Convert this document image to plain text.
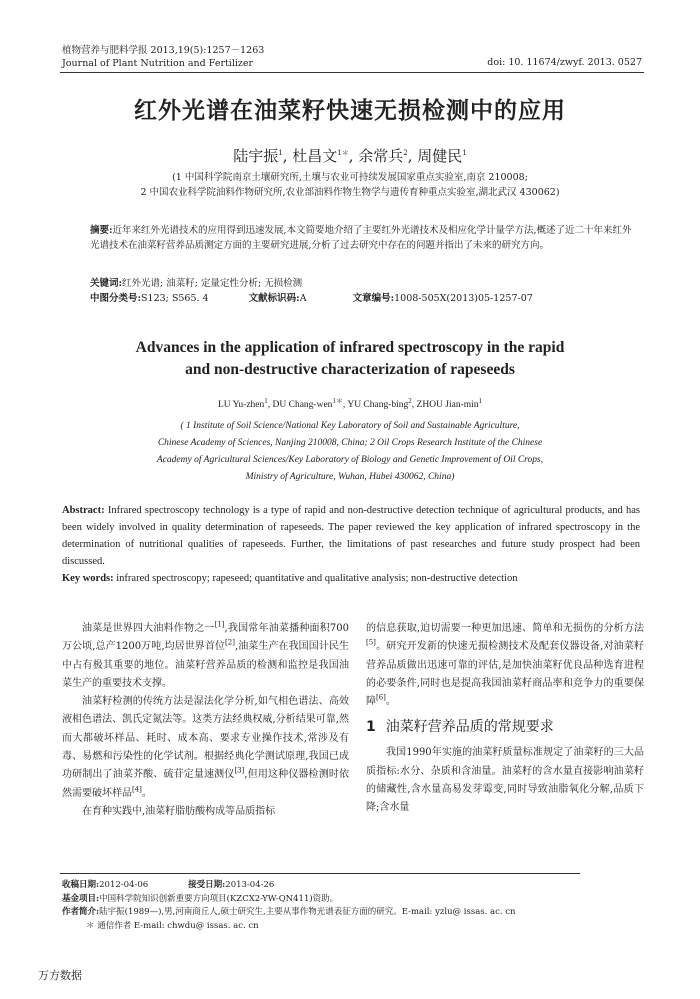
植物营养与肥料学报 2013,19(5):1257－1263
Journal of Plant Nutrition and Fertilizer	doi: 10. 11674/zwyf. 2013. 0527
红外光谱在油菜籽快速无损检测中的应用
陆宇振$^1$, 杜昌文$^{1*}$, 余常兵$^2$, 周健民$^1$
(1 中国科学院南京土壤研究所,土壤与农业可持续发展国家重点实验室,南京 210008;
2 中国农业科学院油料作物研究所,农业部油料作物生物学与遗传育种重点实验室,湖北武汉 430062)
摘要:近年来红外光谱技术的应用得到迅速发展,本文简要地介绍了主要红外光谱技术及相应化学计量学方法,概述了近二十年来红外光谱技术在油菜籽营养品质测定方面的主要研究进展,分析了过去研究中存在的问题并指出了未来的研究方向。
关键词:红外光谱; 油菜籽; 定量定性分析; 无损检测
中图分类号:S123; S565. 4	文献标识码:A	文章编号:1008-505X(2013)05-1257-07
Advances in the application of infrared spectroscopy in the rapid
and non-destructive characterization of rapeseeds
LU Yu-zhen$^1$, DU Chang-wen$^{1*}$, YU Chang-bing$^2$, ZHOU Jian-$\min^1$
( 1 Institute of Soil Science/National Key Laboratory of Soil and Sustainable Agriculture,
Chinese Academy of Sciences, Nanjing 210008, China; 2 Oil Crops Research Institute of the Chinese
Academy of Agricultural Sciences/Key Laboratory of Biology and Genetic Improvement of Oil Crops,
Ministry of Agriculture, Wuhan, Hubei 430062, China)
Abstract: Infrared spectroscopy technology is a type of rapid and non-destructive detection technique of agricultural products, and has been widely involved in quality determination of rapeseeds. The paper reviewed the key application of infrared spectroscopy in the determination of nutritional qualities of rapeseeds. Further, the limitations of past researches and future study prospect had been discussed.
Key words: infrared spectroscopy; rapeseed; quantitative and qualitative analysis; non-destructive detection

油菜是世界四大油料作物之一[1],我国常年油菜播种面积700万公顷,总产1200万吨,均居世界首位[2],油菜生产在我国国计民生中占有极其重要的地位。油菜籽营养品质的检测和监控是我国油菜生产的重要技术支撑。

油菜籽检测的传统方法是湿法化学分析,如气相色谱法、高效液相色谱法、凯氏定氮法等。这类方法经典权威,分析结果可靠,然而大都破坏样品、耗时、成本高、要求专业操作技术,常涉及有毒、易燃和污染性的化学试剂。根据经典化学测试原理,我国已成功研制出了油菜芥酸、硫苷定量速测仪[3],但用这种仪器检测时依然需要破坏样品[4]。

在育种实践中,油菜籽脂肪酸构成等品质指标

的信息获取,迫切需要一种更加迅速、简单和无损伤的分析方法[5]。研究开发新的快速无损检测技术及配套仪器设备,对油菜籽营养品质做出迅速可靠的评估,是加快油菜籽优良品种选育进程的必要条件,同时也是提高我国油菜籽商品率和竞争力的重要保障[6]。

1 油菜籽营养品质的常规要求

我国1990年实施的油菜籽质量标准规定了油菜籽的三大品质指标:水分、杂质和含油量。油菜籽的含水量直接影响油菜籽的储藏性,含水量高易发芽霉变,同时导致油脂氧化分解,品质下降;含水量

收稿日期:2012-04-06	接受日期:2013-04-26
基金项目:中国科学院知识创新重要方向项目(KZCX2-YW-QN411)资助。
作者简介:陆宇振(1989—),男,河南商丘人,硕士研究生,主要从事作物光谱表征方面的研究。E-mail: yzlu@ issas. ac. cn
＊ 通信作者 E-mail: chwdu@ issas. ac. cn
万方数据
